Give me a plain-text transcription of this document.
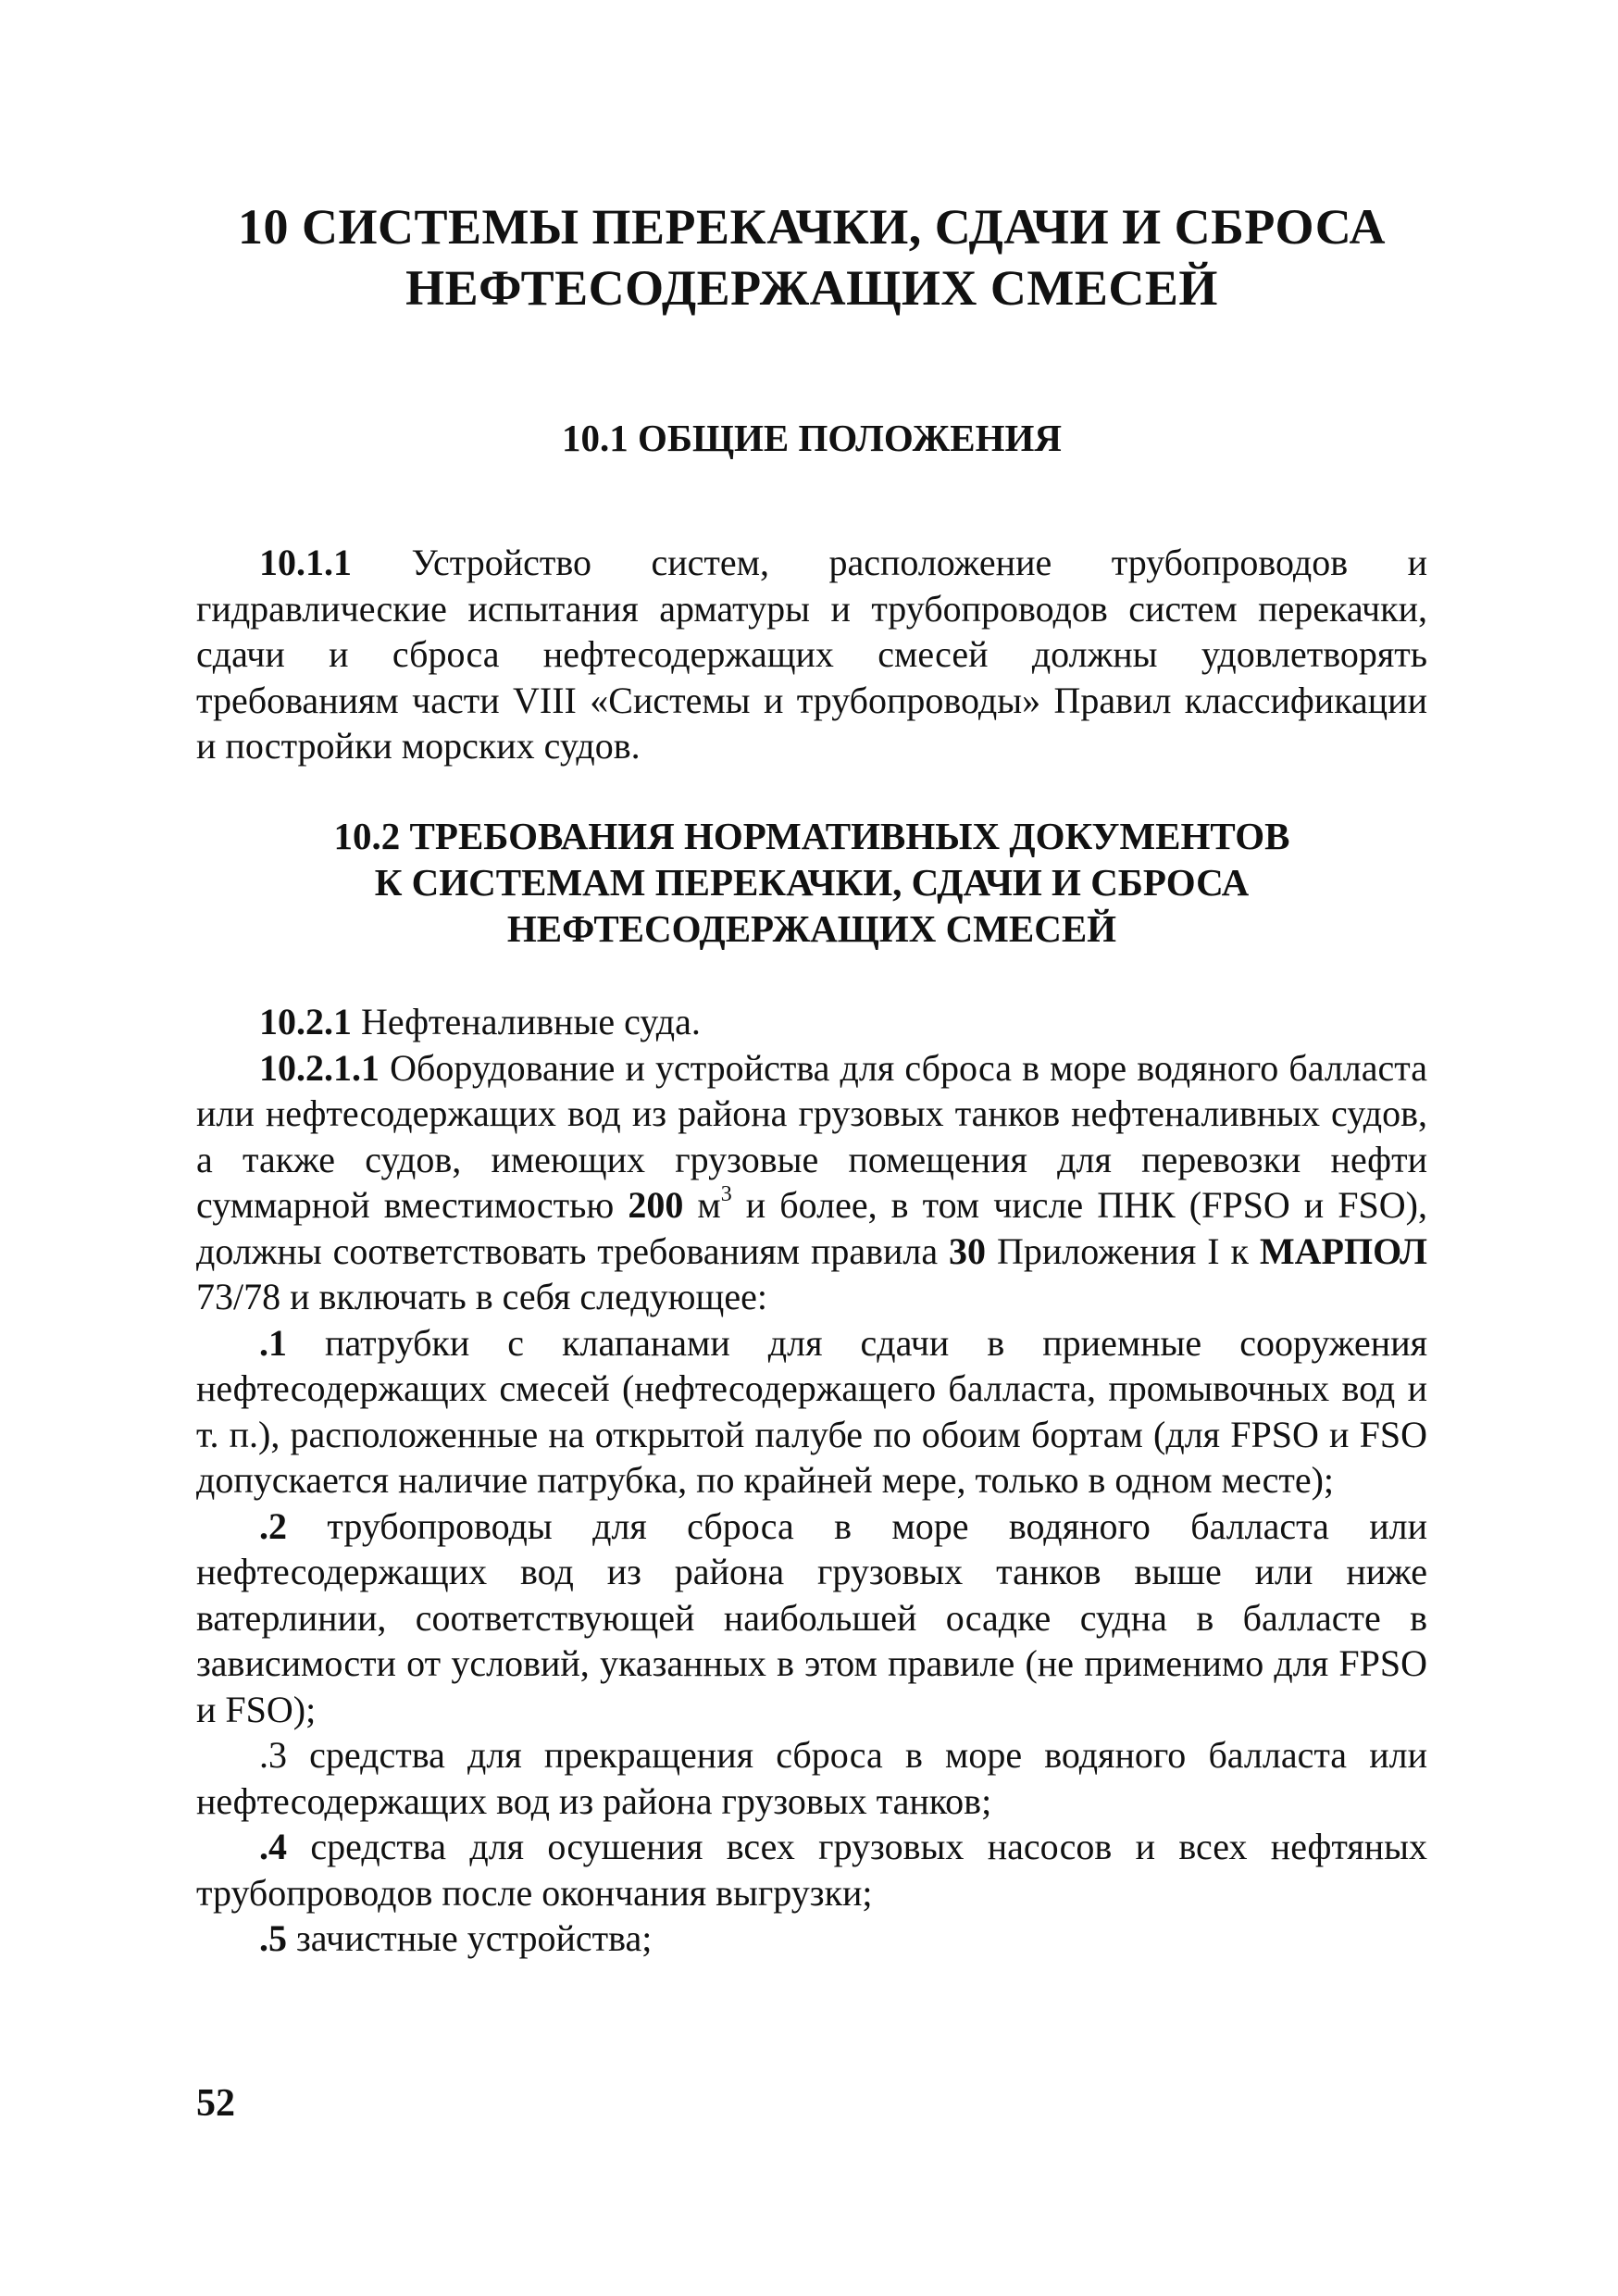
10 СИСТЕМЫ ПЕРЕКАЧКИ, СДАЧИ И СБРОСА
НЕФТЕСОДЕРЖАЩИХ СМЕСЕЙ
10.1 ОБЩИЕ ПОЛОЖЕНИЯ

10.1.1 Устройство систем, расположение трубопроводов и гидравлические испытания арматуры и трубопроводов систем перекачки, сдачи и сброса нефтесодержащих смесей должны удовлетворять требованиям части VIII «Системы и трубопроводы» Правил классификации и постройки морских судов.

10.2 ТРЕБОВАНИЯ НОРМАТИВНЫХ ДОКУМЕНТОВ
К СИСТЕМАМ ПЕРЕКАЧКИ, СДАЧИ И СБРОСА
НЕФТЕСОДЕРЖАЩИХ СМЕСЕЙ

10.2.1 Нефтеналивные суда.

10.2.1.1 Оборудование и устройства для сброса в море водяного балласта или нефтесодержащих вод из района грузовых танков нефтеналивных судов, а также судов, имеющих грузовые помещения для перевозки нефти суммарной вместимостью 200 $м^3$ и более, в том числе ПНК (FPSO и FSO), должны соответствовать требованиям правила 30 Приложения I к МАРПОЛ 73/78 и включать в себя следующее:

.1 патрубки с клапанами для сдачи в приемные сооружения нефтесодержащих смесей (нефтесодержащего балласта, промывочных вод и т. п.), расположенные на открытой палубе по обоим бортам (для FPSO и FSO допускается наличие патрубка, по крайней мере, только в одном месте);

.2 трубопроводы для сброса в море водяного балласта или нефтесодержащих вод из района грузовых танков выше или ниже ватерлинии, соответствующей наибольшей осадке судна в балласте в зависимости от условий, указанных в этом правиле (не применимо для FPSO и FSO);

.3 средства для прекращения сброса в море водяного балласта или нефтесодержащих вод из района грузовых танков;

.4 средства для осушения всех грузовых насосов и всех нефтяных трубопроводов после окончания выгрузки;

.5 зачистные устройства;

52
